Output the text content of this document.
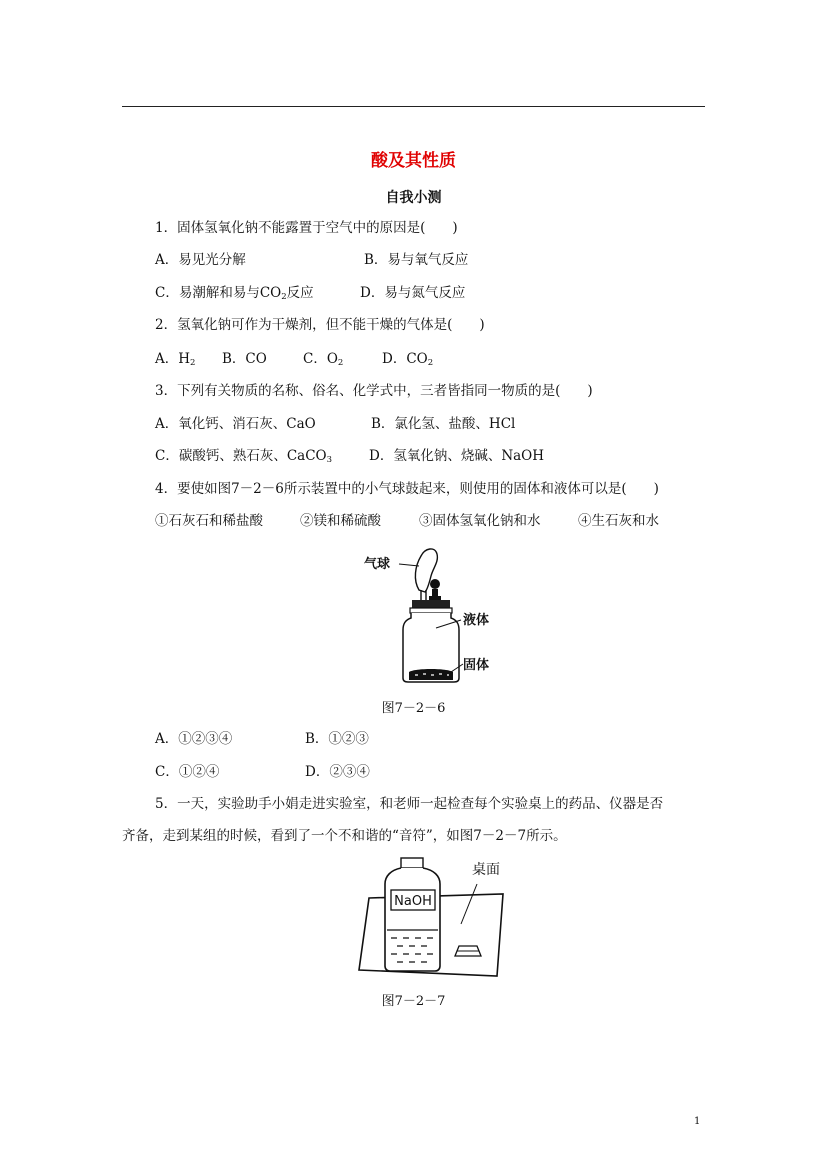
酸及其性质
自我小测
1．固体氢氧化钠不能露置于空气中的原因是(　　)
A．易见光分解	B．易与氧气反应
C．易潮解和易与$CO_2$反应	D．易与氮气反应
2．氢氧化钠可作为干燥剂，但不能干燥的气体是(　　)
A．$H_2$ B．CO	C．$O_2$	D．$CO_2$
3．下列有关物质的名称、俗名、化学式中，三者皆指同一物质的是(　　)
A．氧化钙、消石灰、CaO	B．氯化氢、盐酸、HCl
C．碳酸钙、熟石灰、CaCO$_3$	D．氢氧化钠、烧碱、NaOH
4．要使如图7－2－6所示装置中的小气球鼓起来，则使用的固体和液体可以是(　　)
①石灰石和稀盐酸	②镁和稀硫酸	③固体氢氧化钠和水	④生石灰和水
气球
液体
固体
图7－2－6
A．①②③④	B．①②③
C．①②④	D．②③④
5．一天，实验助手小娟走进实验室，和老师一起检查每个实验桌上的药品、仪器是否
齐备，走到某组的时候，看到了一个不和谐的“音符”，如图7－2－7所示。
NaOH
桌面
图7－2－7
1
